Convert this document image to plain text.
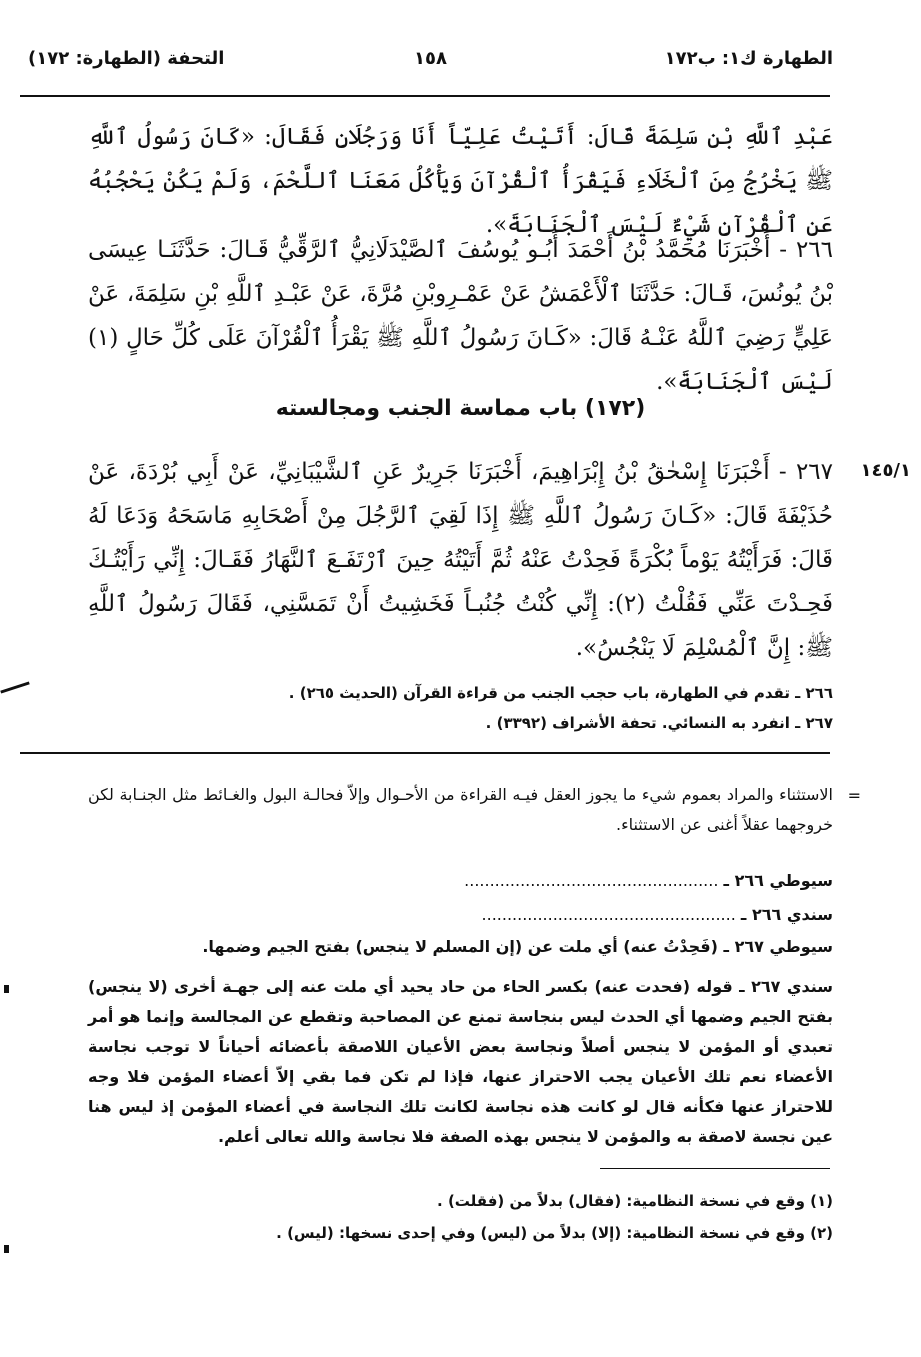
الطهارة ك١: ب١٧٢
١٥٨
التحفة (الطهارة: ١٧٢)

عَبْدِ ٱللَّهِ بْنِ سَلِمَةَ قَالَ: أَتَيْتُ عَلِيّاً أَنَا وَرَجُلَانِ فَقَالَ: «كَانَ رَسُولُ ٱللَّهِ ﷺ يَخْرُجُ مِنَ ٱلْخَلَاءِ فَيَقْرَأُ ٱلْقُرْآنَ وَيَأْكُلُ مَعَنَا ٱللَّحْمَ، وَلَمْ يَكُنْ يَحْجُبُهُ عَنِ ٱلْقُرْآنِ شَيْءٌ لَيْسَ ٱلْجَنَابَةَ».

٢٦٦ - أَخْبَرَنَا مُحَمَّدُ بْنُ أَحْمَدَ أَبُـو يُوسُفَ ٱلصَّيْدَلَانِيُّ ٱلرَّقِّيُّ قَـالَ: حَدَّثَنَـا عِيسَى بْنُ يُونُسَ، قَـالَ: حَدَّثَنَا ٱلْأَعْمَشُ عَنْ عَمْـرِوبْنِ مُرَّةَ، عَنْ عَبْـدِ ٱللَّهِ بْنِ سَلِمَةَ، عَنْ عَلِيٍّ رَضِيَ ٱللَّهُ عَنْـهُ قَالَ: «كَـانَ رَسُولُ ٱللَّهِ ﷺ يَقْرَأُ ٱلْقُرْآنَ عَلَى كُلِّ حَالٍ (١) لَيْسَ ٱلْجَنَابَةَ».

(١٧٢) باب مماسة الجنب ومجالسته
١٤٥/١

٢٦٧ - أَخْبَرَنَا إِسْحٰقُ بْنُ إِبْرَاهِيمَ، أَخْبَرَنَا جَرِيرٌ عَنِ ٱلشَّيْبَانِيِّ، عَنْ أَبِي بُرْدَةَ، عَنْ حُذَيْفَةَ قَالَ: «كَـانَ رَسُولُ ٱللَّهِ ﷺ إِذَا لَقِيَ ٱلرَّجُلَ مِنْ أَصْحَابِهِ مَاسَحَهُ وَدَعَا لَهُ قَالَ: فَرَأَيْتُهُ يَوْماً بُكْرَةً فَحِدْتُ عَنْهُ ثُمَّ أَتَيْتُهُ حِينَ ٱرْتَفَـعَ ٱلنَّهَارُ فَقَـالَ: إِنِّي رَأَيْتُـكَ فَحِـدْتَ عَنِّي فَقُلْتُ (٢): إِنِّي كُنْتُ جُنُبـاً فَخَشِيتُ أَنْ تَمَسَّنِي، فَقَالَ رَسُولُ ٱللَّهِ ﷺ: إِنَّ ٱلْمُسْلِمَ لَا يَنْجُسُ».

٢٦٦ ـ تقدم في الطهارة، باب حجب الجنب من قراءة القرآن (الحديث ٢٦٥) .
٢٦٧ ـ انفرد به النسائي. تحفة الأشراف (٣٣٩٢) .
=
الاستثناء والمراد بعموم شيء ما يجوز العقل فيـه القراءة من الأحـوال وإلاّ فحالـة البول والغـائط مثل الجنـابة لكن خروجهما عقلاً أغنى عن الاستثناء.
سيوطي ٢٦٦ ـ ..................................................
سندي ٢٦٦ ـ ..................................................
سيوطي ٢٦٧ ـ (فَحِدْتُ عنه) أي ملت عن (إن المسلم لا ينجس) بفتح الجيم وضمها.
سندي ٢٦٧ ـ قوله (فحدت عنه) بكسر الحاء من حاد يحيد أي ملت عنه إلى جهـة أخرى (لا ينجس) بفتح الجيم وضمها أي الحدث ليس بنجاسة تمنع عن المصاحبة وتقطع عن المجالسة وإنما هو أمر تعبدي أو المؤمن لا ينجس أصلاً ونجاسة بعض الأعيان اللاصقة بأعضائه أحياناً لا توجب نجاسة الأعضاء نعم تلك الأعيان يجب الاحتراز عنها، فإذا لم تكن فما بقي إلاّ أعضاء المؤمن فلا وجه للاحتراز عنها فكأنه قال لو كانت هذه نجاسة لكانت تلك النجاسة في أعضاء المؤمن إذ ليس هنا عين نجسة لاصقة به والمؤمن لا ينجس بهذه الصفة فلا نجاسة والله تعالى أعلم.
(١) وقع في نسخة النظامية: (فقال) بدلاً من (فقلت) .
(٢) وقع في نسخة النظامية: (إلا) بدلاً من (ليس) وفي إحدى نسخها: (ليس) .
